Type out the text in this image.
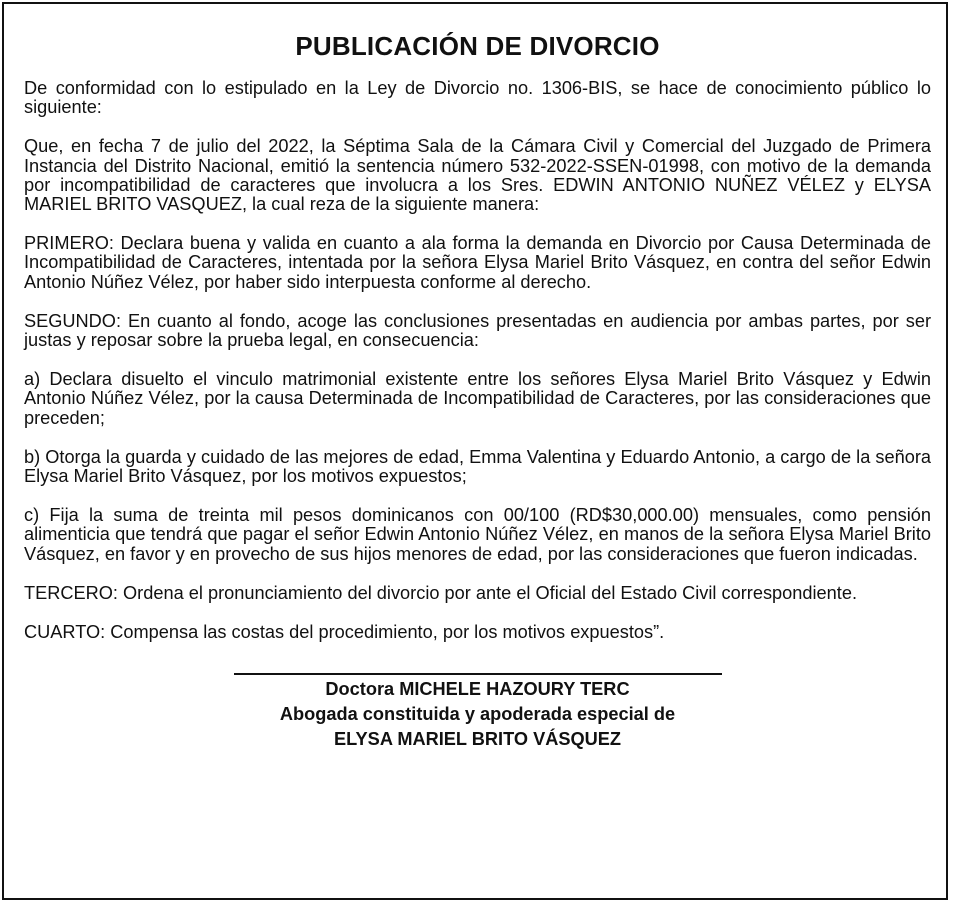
PUBLICACIÓN DE DIVORCIO

De conformidad con lo estipulado en la Ley de Divorcio no. 1306-BIS, se hace de conocimiento público lo siguiente:

Que, en fecha 7 de julio del 2022, la Séptima Sala de la Cámara Civil y Comercial del Juzgado de Primera Instancia del Distrito Nacional, emitió la sentencia número 532-2022-SSEN-01998, con motivo de la demanda por incompatibilidad de caracteres que involucra a los Sres. EDWIN ANTONIO NUÑEZ VÉLEZ y ELYSA MARIEL BRITO VASQUEZ, la cual reza de la siguiente manera:

PRIMERO: Declara buena y valida en cuanto a ala forma la demanda en Divorcio por Causa Determinada de Incompatibilidad de Caracteres, intentada por la señora Elysa Mariel Brito Vásquez, en contra del señor Edwin Antonio Núñez Vélez, por haber sido interpuesta conforme al derecho.

SEGUNDO: En cuanto al fondo, acoge las conclusiones presentadas en audiencia por ambas partes, por ser justas y reposar sobre la prueba legal, en consecuencia:

a) Declara disuelto el vinculo matrimonial existente entre los señores Elysa Mariel Brito Vásquez y Edwin Antonio Núñez Vélez, por la causa Determinada de Incompatibilidad de Caracteres, por las consideraciones que preceden;

b) Otorga la guarda y cuidado de las mejores de edad, Emma Valentina y Eduardo Antonio, a cargo de la señora Elysa Mariel Brito Vásquez, por los motivos expuestos;

c) Fija la suma de treinta mil pesos dominicanos con 00/100 (RD$30,000.00) mensuales, como pensión alimenticia que tendrá que pagar el señor Edwin Antonio Núñez Vélez, en manos de la señora Elysa Mariel Brito Vásquez, en favor y en provecho de sus hijos menores de edad, por las consideraciones que fueron indicadas.

TERCERO: Ordena el pronunciamiento del divorcio por ante el Oficial del Estado Civil correspondiente.

CUARTO: Compensa las costas del procedimiento, por los motivos expuestos”.

Doctora MICHELE HAZOURY TERC
Abogada constituida y apoderada especial de
ELYSA MARIEL BRITO VÁSQUEZ
